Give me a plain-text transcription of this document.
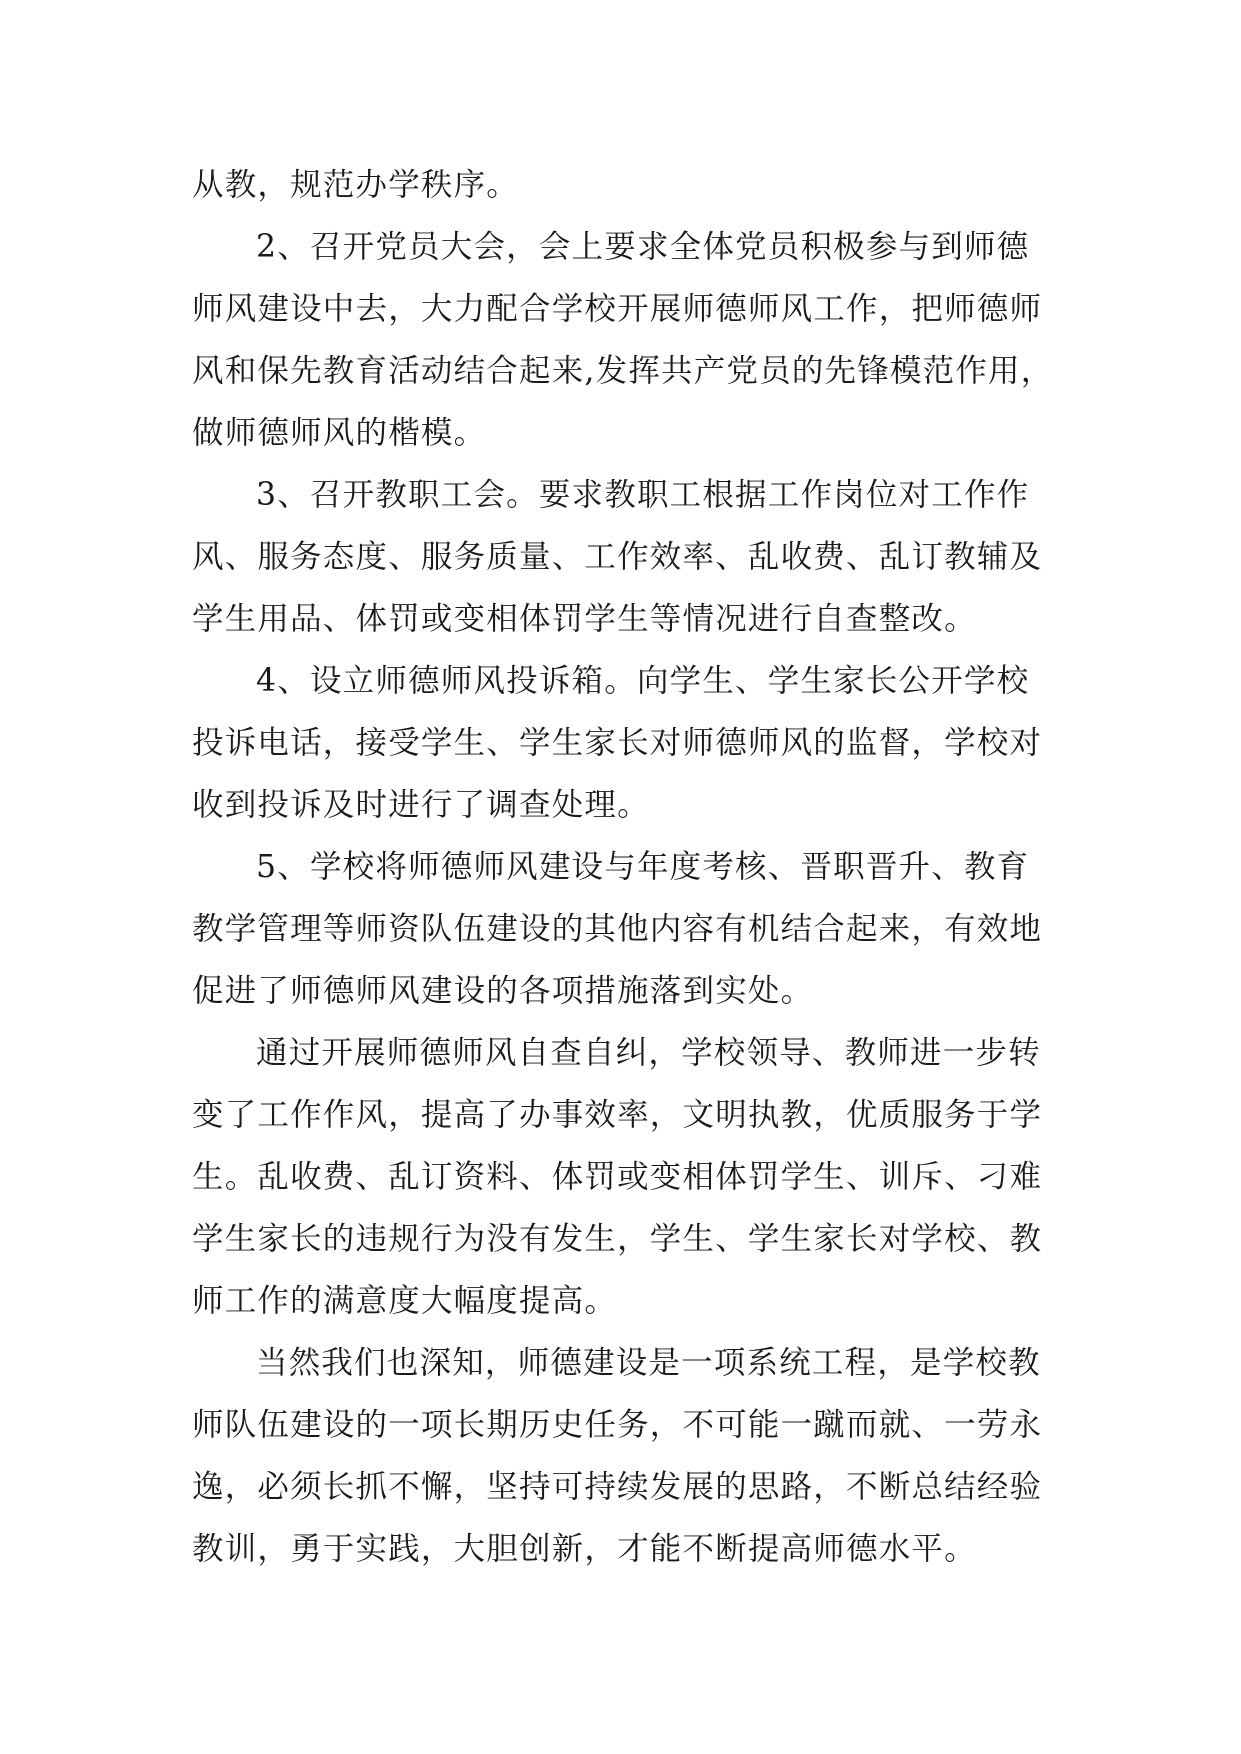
从教，规范办学秩序。
2、召开党员大会，会上要求全体党员积极参与到师德
师风建设中去，大力配合学校开展师德师风工作，把师德师
风和保先教育活动结合起来,发挥共产党员的先锋模范作用，
做师德师风的楷模。
3、召开教职工会。要求教职工根据工作岗位对工作作
风、服务态度、服务质量、工作效率、乱收费、乱订教辅及
学生用品、体罚或变相体罚学生等情况进行自查整改。
4、设立师德师风投诉箱。向学生、学生家长公开学校
投诉电话，接受学生、学生家长对师德师风的监督，学校对
收到投诉及时进行了调查处理。
5、学校将师德师风建设与年度考核、晋职晋升、教育
教学管理等师资队伍建设的其他内容有机结合起来，有效地
促进了师德师风建设的各项措施落到实处。
通过开展师德师风自查自纠，学校领导、教师进一步转
变了工作作风，提高了办事效率，文明执教，优质服务于学
生。乱收费、乱订资料、体罚或变相体罚学生、训斥、刁难
学生家长的违规行为没有发生，学生、学生家长对学校、教
师工作的满意度大幅度提高。
当然我们也深知，师德建设是一项系统工程，是学校教
师队伍建设的一项长期历史任务，不可能一蹴而就、一劳永
逸，必须长抓不懈，坚持可持续发展的思路，不断总结经验
教训，勇于实践，大胆创新，才能不断提高师德水平。
